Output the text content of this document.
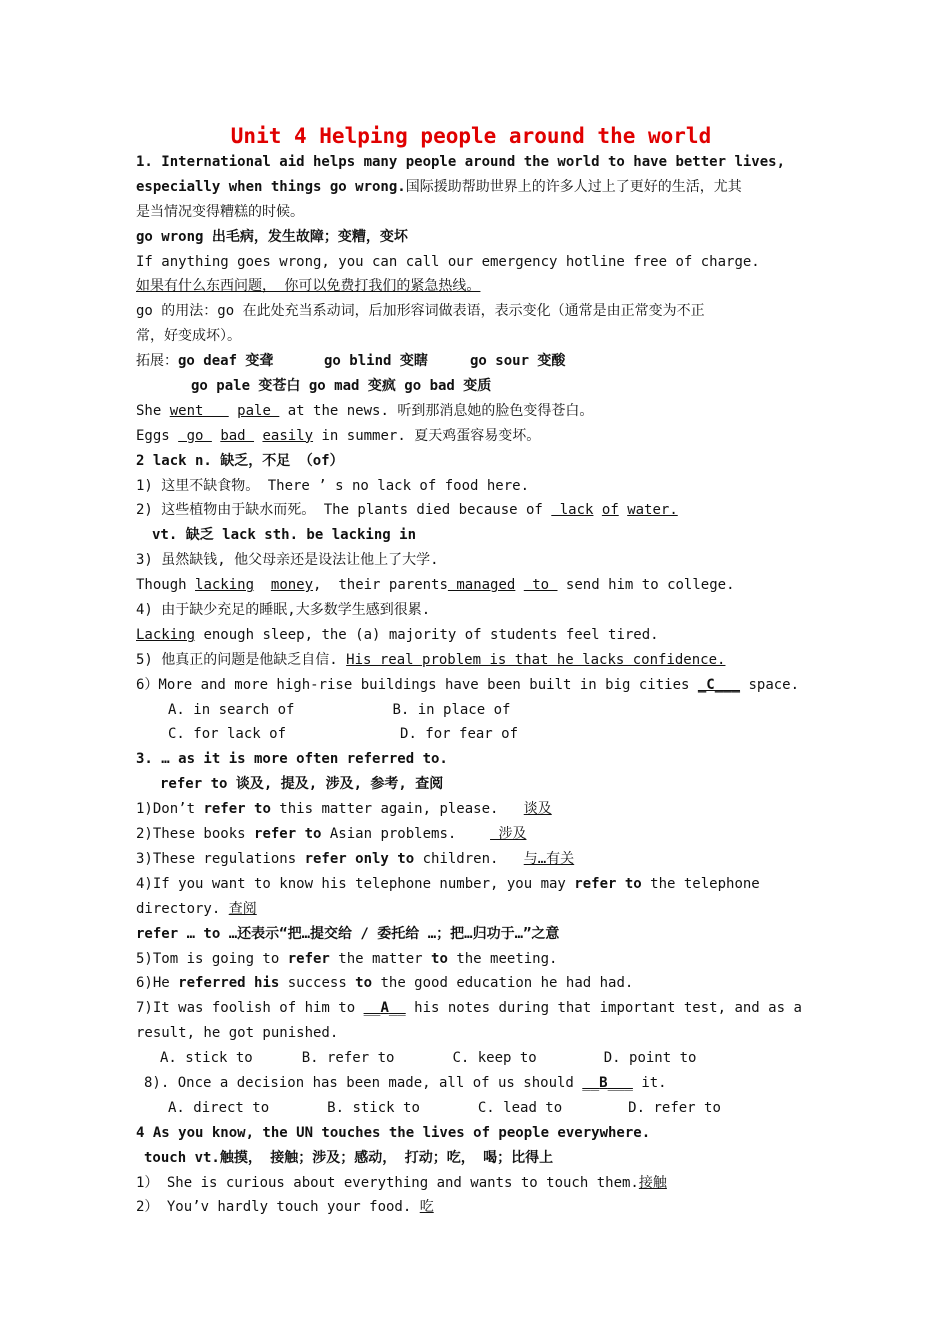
Unit 4 Helping people around the world
1. International aid helps many people around the world to have better lives,
especially when things go wrong.国际援助帮助世界上的许多人过上了更好的生活，尤其
是当情况变得糟糕的时候。
go wrong 出毛病，发生故障；变糟，变坏
If anything goes wrong, you can call our emergency hotline free of charge.
如果有什么东西问题， 你可以免费打我们的紧急热线。
go 的用法：go 在此处充当系动词，后加形容词做表语，表示变化（通常是由正常变为不正
常，好变成坏）。
拓展：go deaf 变聋      go blind 变瞎     go sour 变酸
go pale 变苍白 go mad 变疯 go bad 变质
She went    pale  at the news. 听到那消息她的脸色变得苍白。
Eggs  go  bad  easily in summer. 夏天鸡蛋容易变坏。
2 lack n. 缺乏，不足 （of）
1) 这里不缺食物。 There ’ s no lack of food here.
2) 这些植物由于缺水而死。 The plants died because of  lack of water.
vt. 缺乏 lack sth. be lacking in
3) 虽然缺钱, 他父母亲还是设法让他上了大学.
Though lacking money,  their parents managed  to  send him to college.
4) 由于缺少充足的睡眠,大多数学生感到很累.
Lacking enough sleep, the (a) majority of students feel tired.
5) 他真正的问题是他缺乏自信. His real problem is that he lacks confidence.
6）More and more high-rise buildings have been built in big cities _C___ space.
A. in search of	B. in place of
C. for lack of	D. for fear of
3. … as it is more often referred to.
refer to 谈及, 提及, 涉及, 参考, 查阅
1)Don’t refer to this matter again, please.   谈及
2)These books refer to Asian problems.     涉及
3)These regulations refer only to children.   与…有关
4)If you want to know his telephone number, you may refer to the telephone
directory. 查阅
refer … to …还表示“把…提交给 / 委托给 …；把…归功于…”之意
5)Tom is going to refer the matter to the meeting.
6)He referred his success to the good education he had had.
7)It was foolish of him to __A__ his notes during that important test, and as a
result, he got punished.
A. stick to	B. refer to	C. keep to	D. point to
8). Once a decision has been made, all of us should __B___ it.
A. direct to	B. stick to	C. lead to	D. refer to
4 As you know, the UN touches the lives of people everywhere.
touch vt.触摸， 接触；涉及；感动， 打动；吃， 喝；比得上
1） She is curious about everything and wants to touch them.接触
2） You’v hardly touch your food. 吃
